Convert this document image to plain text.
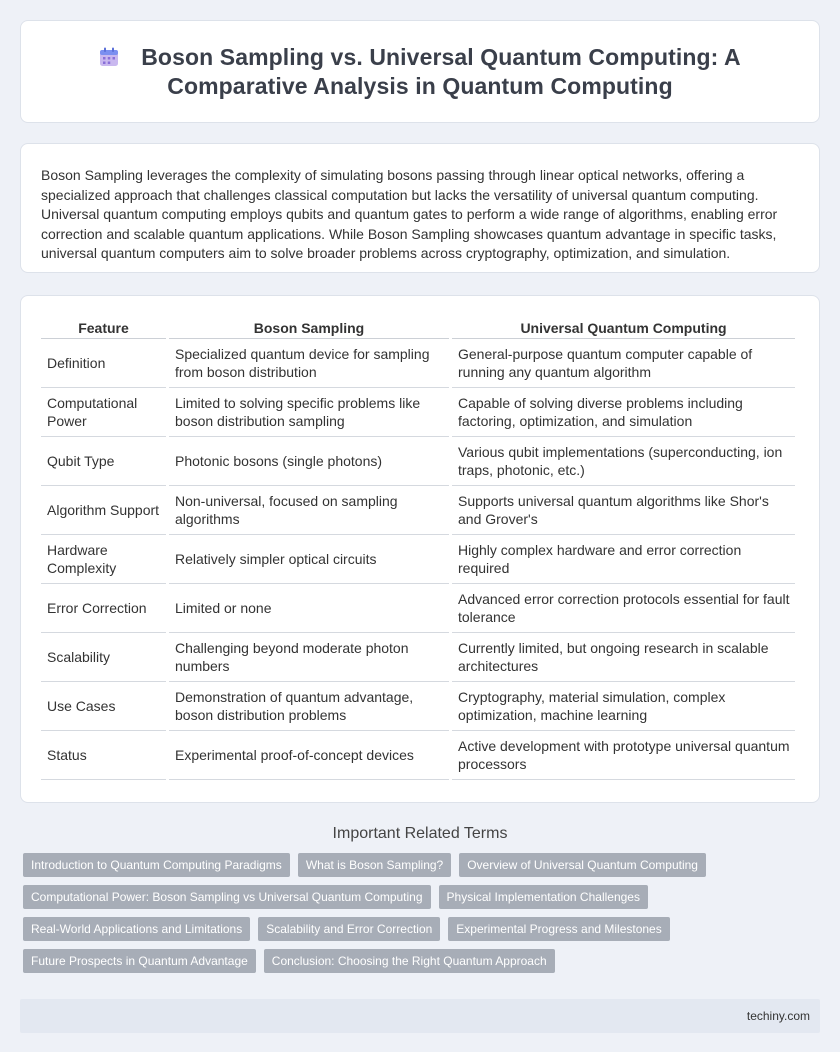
Boson Sampling vs. Universal Quantum Computing: A Comparative Analysis in Quantum Computing

Boson Sampling leverages the complexity of simulating bosons passing through linear optical networks, offering a specialized approach that challenges classical computation but lacks the versatility of universal quantum computing. Universal quantum computing employs qubits and quantum gates to perform a wide range of algorithms, enabling error correction and scalable quantum applications. While Boson Sampling showcases quantum advantage in specific tasks, universal quantum computers aim to solve broader problems across cryptography, optimization, and simulation.

Feature	Boson Sampling	Universal Quantum Computing
Definition	Specialized quantum device for sampling from boson distribution	General-purpose quantum computer capable of running any quantum algorithm
Computational Power	Limited to solving specific problems like boson distribution sampling	Capable of solving diverse problems including factoring, optimization, and simulation
Qubit Type	Photonic bosons (single photons)	Various qubit implementations (superconducting, ion traps, photonic, etc.)
Algorithm Support	Non-universal, focused on sampling algorithms	Supports universal quantum algorithms like Shor's and Grover's
Hardware Complexity	Relatively simpler optical circuits	Highly complex hardware and error correction required
Error Correction	Limited or none	Advanced error correction protocols essential for fault tolerance
Scalability	Challenging beyond moderate photon numbers	Currently limited, but ongoing research in scalable architectures
Use Cases	Demonstration of quantum advantage, boson distribution problems	Cryptography, material simulation, complex optimization, machine learning
Status	Experimental proof-of-concept devices	Active development with prototype universal quantum processors
Important Related Terms
Introduction to Quantum Computing Paradigms	What is Boson Sampling?	Overview of Universal Quantum Computing
Computational Power: Boson Sampling vs Universal Quantum Computing	Physical Implementation Challenges
Real-World Applications and Limitations	Scalability and Error Correction	Experimental Progress and Milestones
Future Prospects in Quantum Advantage	Conclusion: Choosing the Right Quantum Approach
techiny.com
